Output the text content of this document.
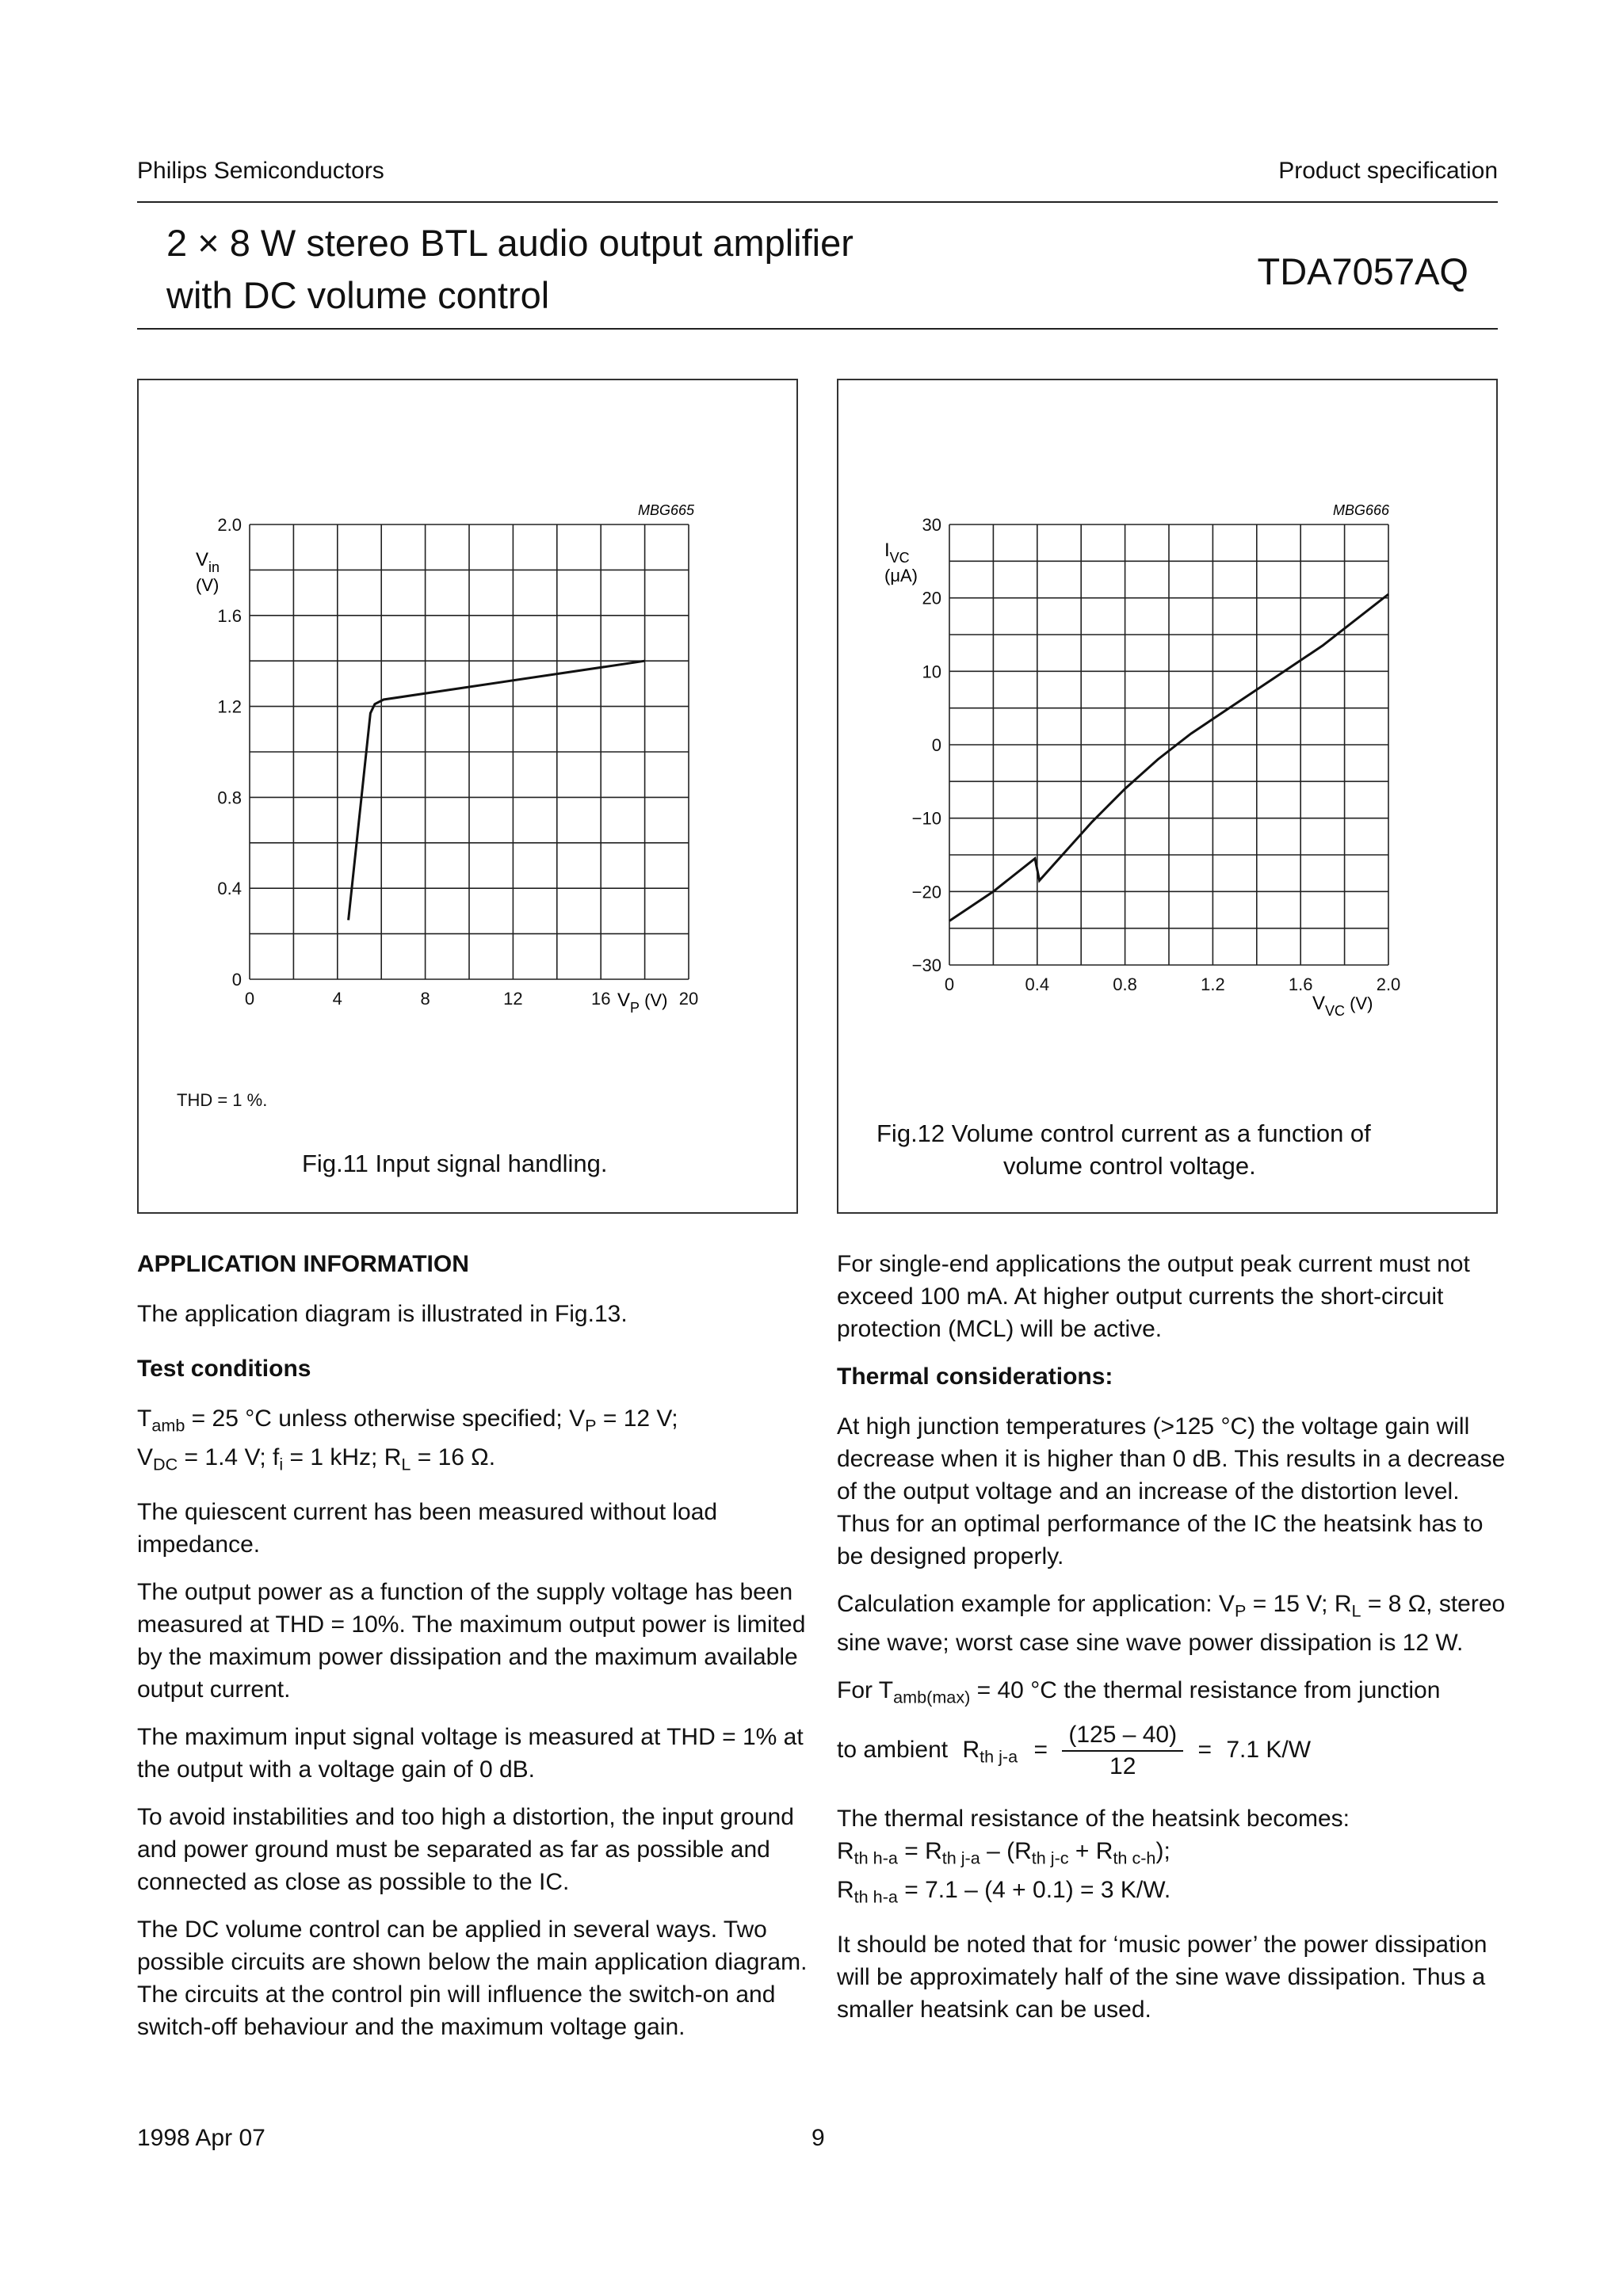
Philips Semiconductors	Product specification
2 × 8 W stereo BTL audio output amplifier
with DC volume control
TDA7057AQ
0
0.4
0.8
1.2
1.6
2.0
0	4	8	12	16	20
MBG665
$V_{in}$
(V)
$V_P$ (V)
THD = 1 %.
Fig.11 Input signal handling.
−30
−20
−10
0
10
20
30
0	0.4	0.8	1.2	1.6	2.0
MBG666
$I_{VC}$
(μA)
$V_{VC}$ (V)
Fig.12 Volume control current as a function of
volume control voltage.
APPLICATION INFORMATION

The application diagram is illustrated in Fig.13.

Test conditions

$T_{amb} = 25$ °C unless otherwise specified; $V_P = 12$ V;
$V_{DC} = 1.4$ V; $f_i = 1$ kHz; $R_L = 16$ Ω.

The quiescent current has been measured without load impedance.

The output power as a function of the supply voltage has been measured at THD = 10%. The maximum output power is limited by the maximum power dissipation and the maximum available output current.

The maximum input signal voltage is measured at THD = 1% at the output with a voltage gain of 0 dB.

To avoid instabilities and too high a distortion, the input ground and power ground must be separated as far as possible and connected as close as possible to the IC.

The DC volume control can be applied in several ways. Two possible circuits are shown below the main application diagram. The circuits at the control pin will influence the switch-on and switch-off behaviour and the maximum voltage gain.

For single-end applications the output peak current must not exceed 100 mA. At higher output currents the short-circuit protection (MCL) will be active.

Thermal considerations:

At high junction temperatures (>125 °C) the voltage gain will decrease when it is higher than 0 dB. This results in a decrease of the output voltage and an increase of the distortion level. Thus for an optimal performance of the IC the heatsink has to be designed properly.

Calculation example for application: $V_P = 15$ V; $R_L = 8$ Ω, stereo sine wave; worst case sine wave power dissipation is 12 W.

For $T_{amb(max)} = 40$ °C the thermal resistance from junction

to ambient $R_{th j-a} = \frac{(125 - 40)}{12} = 7.1$ K/W

The thermal resistance of the heatsink becomes:
$R_{th h-a} = R_{th j-a} - (R_{th j-c} + R_{th c-h})$;
$R_{th h-a} = 7.1 - (4 + 0.1) = 3$ K/W.

It should be noted that for ‘music power’ the power dissipation will be approximately half of the sine wave dissipation. Thus a smaller heatsink can be used.

1998 Apr 07	9
